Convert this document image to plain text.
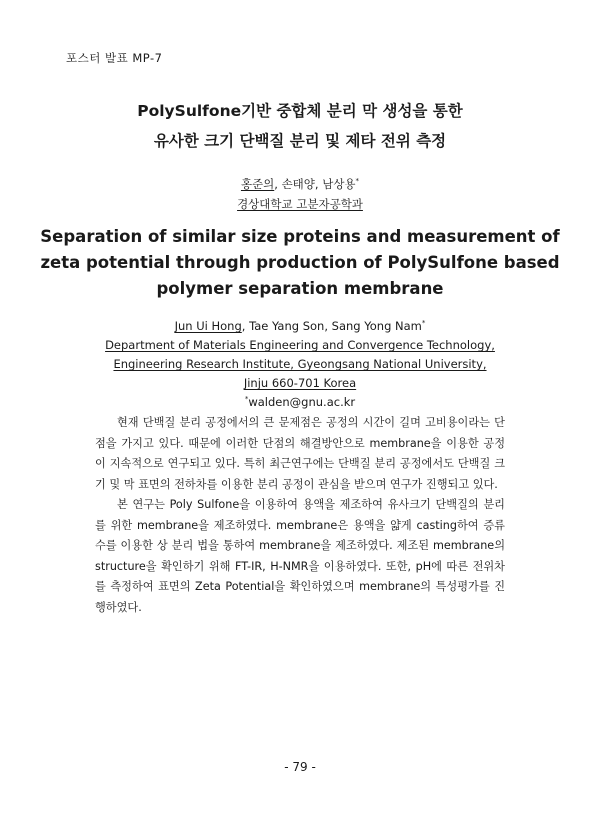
포스터 발표 MP-7
PolySulfone기반 중합체 분리 막 생성을 통한
유사한 크기 단백질 분리 및 제타 전위 측정
홍준의, 손태양, 남상용*
경상대학교 고분자공학과
Separation of similar size proteins and measurement of
zeta potential through production of PolySulfone based
polymer separation membrane
Jun Ui Hong, Tae Yang Son, Sang Yong Nam*
Department of Materials Engineering and Convergence Technology,
Engineering Research Institute, Gyeongsang National University,
Jinju 660-701 Korea
*walden@gnu.ac.kr

현재 단백질 분리 공정에서의 큰 문제점은 공정의 시간이 길며 고비용이라는 단점을 가지고 있다. 때문에 이러한 단점의 해결방안으로 membrane을 이용한 공정이 지속적으로 연구되고 있다. 특히 최근연구에는 단백질 분리 공정에서도 단백질 크기 및 막 표면의 전하차를 이용한 분리 공정이 관심을 받으며 연구가 진행되고 있다.

본 연구는 Poly Sulfone을 이용하여 용액을 제조하여 유사크기 단백질의 분리를 위한 membrane을 제조하였다. membrane은 용액을 얇게 casting하여 증류수를 이용한 상 분리 법을 통하여 membrane을 제조하였다. 제조된 membrane의 structure을 확인하기 위해 FT-IR, H-NMR을 이용하였다. 또한, pH에 따른 전위차를 측정하여 표면의 Zeta Potential을 확인하였으며 membrane의 특성평가를 진행하였다.

- 79 -
